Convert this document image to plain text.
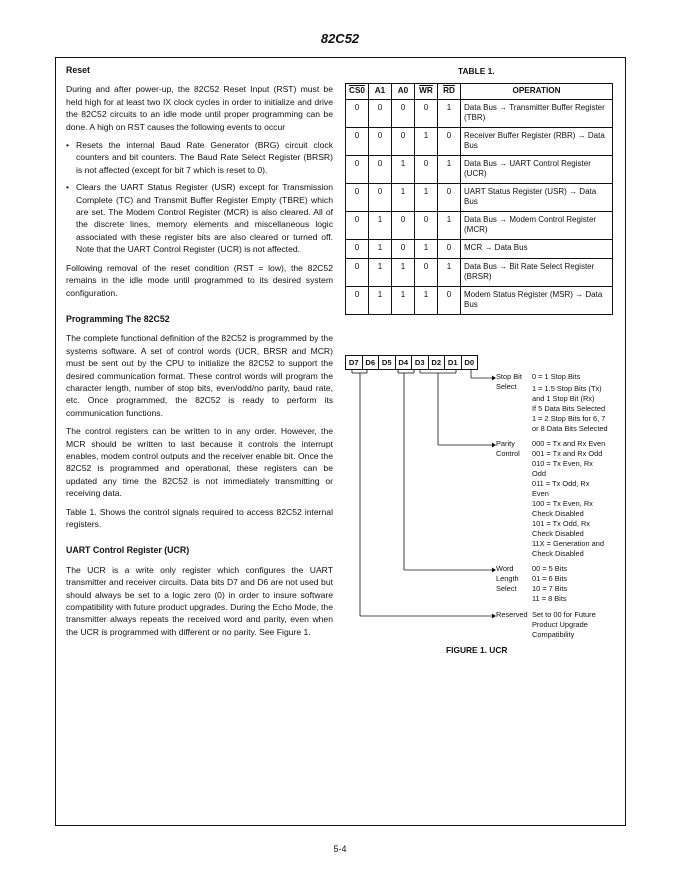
82C52
Reset

During and after power-up, the 82C52 Reset Input (RST) must be held high for at least two IX clock cycles in order to initialize and drive the 82C52 circuits to an idle mode until proper programming can be done. A high on RST causes the following events to occur

• Resets the internal Baud Rate Generator (BRG) circuit clock counters and bit counters. The Baud Rate Select Register (BRSR) is not affected (except for bit 7 which is reset to 0).
• Clears the UART Status Register (USR) except for Transmission Complete (TC) and Transmit Buffer Register Empty (TBRE) which are set. The Modem Control Register (MCR) is also cleared. All of the discrete lines, memory elements and miscellaneous logic associated with these register bits are also cleared or turned off. Note that the UART Control Register (UCR) is not affected.

Following removal of the reset condition (RST = low), the 82C52 remains in the idle mode until programmed to its desired system configuration.

Programming The 82C52

The complete functional definition of the 82C52 is programmed by the systems software. A set of control words (UCR, BRSR and MCR) must be sent out by the CPU to initialize the 82C52 to support the desired communication format. These control words will program the character length, number of stop bits, even/odd/no parity, baud rate, etc. Once programmed, the 82C52 is ready to perform its communication functions.

The control registers can be written to in any order. However, the MCR should be written to last because it controls the interrupt enables, modem control outputs and the receiver enable bit. Once the 82C52 is programmed and operational, these registers can be updated any time the 82C52 is not immediately transmitting or receiving data.

Table 1. Shows the control signals required to access 82C52 internal registers.

UART Control Register (UCR)

The UCR is a write only register which configures the UART transmitter and receiver circuits. Data bits D7 and D6 are not used but should always be set to a logic zero (0) in order to insure software compatibility with future product upgrades. During the Echo Mode, the transmitter always repeats the received word and parity, even when the UCR is programmed with different or no parity. See Figure 1.

TABLE 1.
CS0	A1	A0	$\overline{WR}$	$\overline{RD}$	OPERATION
0	0	0	0	1	Data Bus → Transmitter Buffer Register (TBR)
0	0	0	1	0	Receiver Buffer Register (RBR) → Data Bus
0	0	1	0	1	Data Bus → UART Control Register (UCR)
0	0	1	1	0	UART Status Register (USR) → Data Bus
0	1	0	0	1	Data Bus → Modem Control Register (MCR)
0	1	0	1	0	MCR → Data Bus
0	1	1	0	1	Data Bus → Bit Rate Select Register (BRSR)
0	1	1	1	0	Modem Status Register (MSR) → Data Bus
D7 D6 D5 D4 D3 D2 D1 D0
Stop Bit
Select
0 = 1 Stop Bits
1 = 1.5 Stop Bits (Tx)
and 1 Stop Bit (Rx)
If 5 Data Bits Selected
1 = 2 Stop Bits for 6, 7
or 8 Data Bits Selected
Parity
Control
000 = Tx and Rx Even
001 = Tx and Rx Odd
010 = Tx Even, Rx
Odd
011 = Tx Odd, Rx
Even
100 = Tx Even, Rx
Check Disabled
101 = Tx Odd, Rx
Check Disabled
11X = Generation and
Check Disabled
Word
Length
Select
00 = 5 Bits
01 = 6 Bits
10 = 7 Bits
11 = 8 Bits
Reserved Set to 00 for Future
Product Upgrade
Compatibility
FIGURE 1. UCR
5-4
